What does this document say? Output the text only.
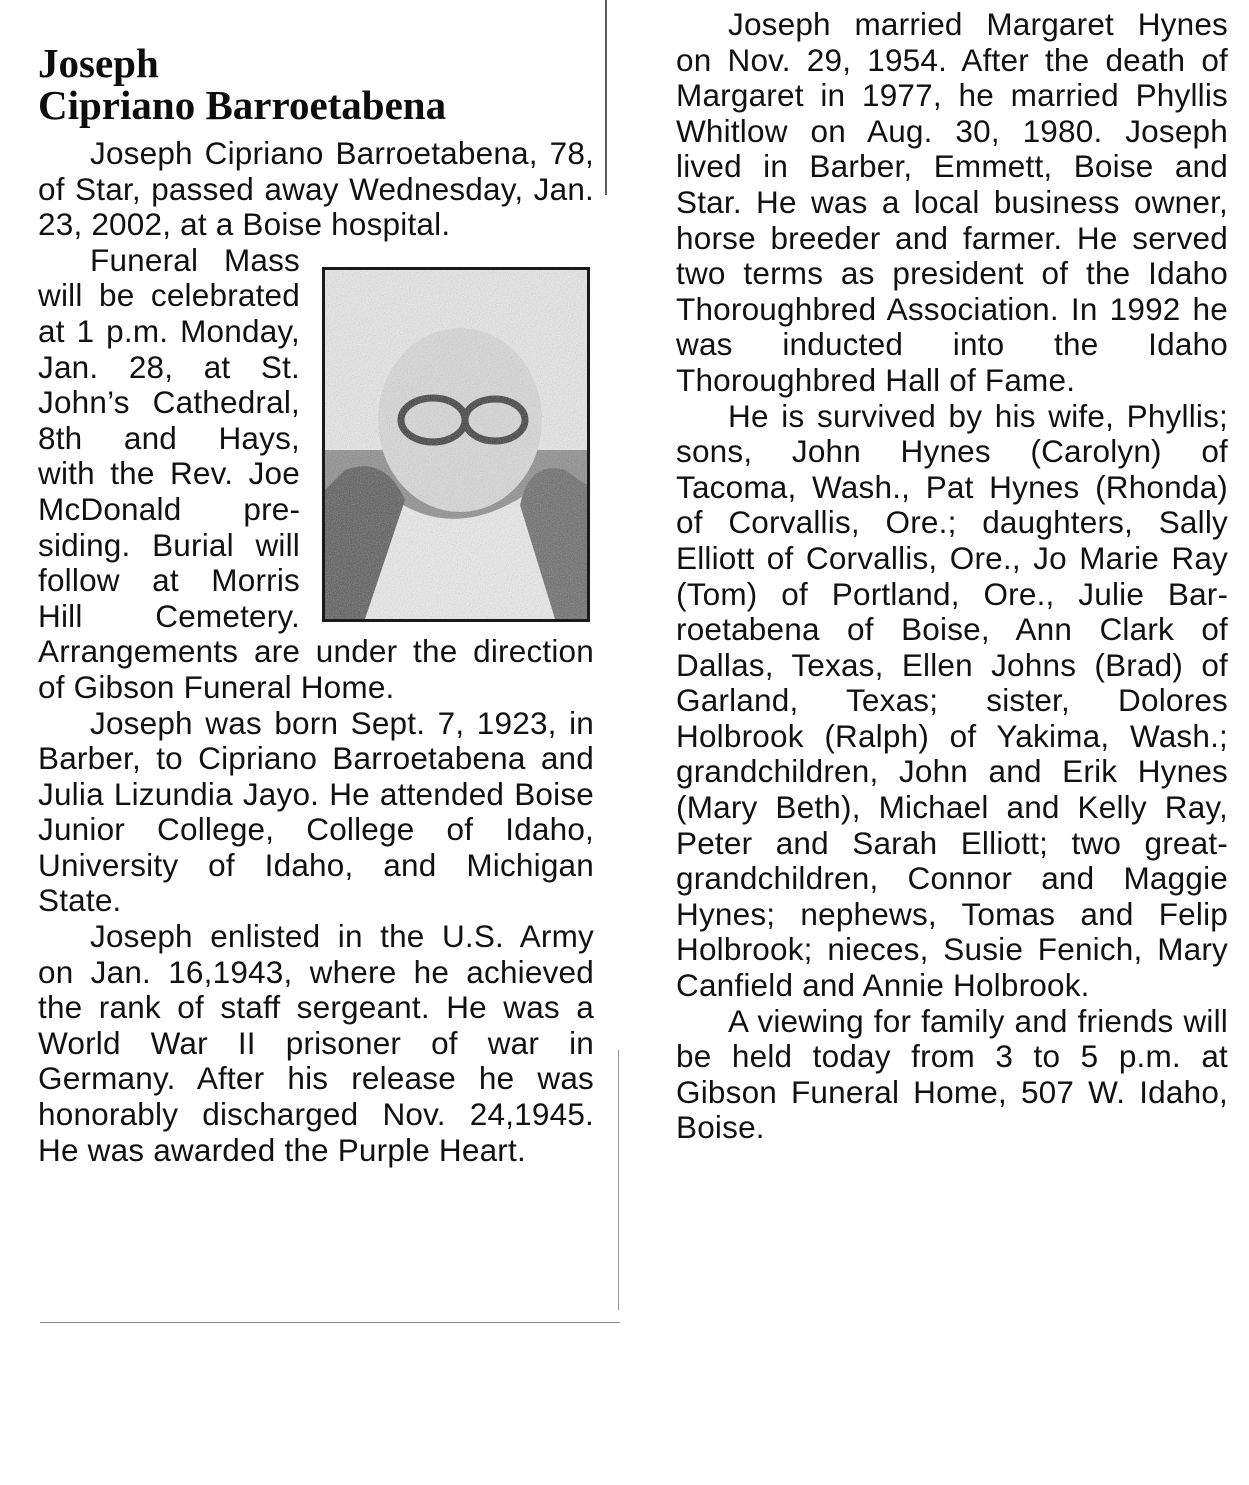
Joseph
Cipriano Barroetabena

Joseph Cipriano Barroetabena, 78, of Star, passed away Wednesday, Jan. 23, 2002, at a Boise hospital.

Funeral Mass will be celebrated at 1 p.m. Monday, Jan. 28, at St. John’s Cathedral, 8th and Hays, with the Rev. Joe McDonald presiding. Burial will follow at Morris Hill Cemetery. Arrangements are under the direction of Gibson Funeral Home.

Joseph was born Sept. 7, 1923, in Barber, to Cipriano Barroetabena and Julia Lizundia Jayo. He attended Boise Junior College, College of Idaho, University of Idaho, and Michigan State.

Joseph enlisted in the U.S. Army on Jan. 16,1943, where he achieved the rank of staff sergeant. He was a World War II prisoner of war in Germany. After his release he was honorably discharged Nov. 24,1945. He was awarded the Purple Heart.

Joseph married Margaret Hynes on Nov. 29, 1954. After the death of Margaret in 1977, he married Phyllis Whitlow on Aug. 30, 1980. Joseph lived in Barber, Emmett, Boise and Star. He was a local business owner, horse breeder and farmer. He served two terms as president of the Idaho Thoroughbred Association. In 1992 he was inducted into the Idaho Thoroughbred Hall of Fame.

He is survived by his wife, Phyllis; sons, John Hynes (Carolyn) of Tacoma, Wash., Pat Hynes (Rhonda) of Corvallis, Ore.; daughters, Sally Elliott of Corvallis, Ore., Jo Marie Ray (Tom) of Portland, Ore., Julie Barroetabena of Boise, Ann Clark of Dallas, Texas, Ellen Johns (Brad) of Garland, Texas; sister, Dolores Holbrook (Ralph) of Yakima, Wash.; grandchildren, John and Erik Hynes (Mary Beth), Michael and Kelly Ray, Peter and Sarah Elliott; two great-grandchildren, Connor and Maggie Hynes; nephews, Tomas and Felip Holbrook; nieces, Susie Fenich, Mary Canfield and Annie Holbrook.

A viewing for family and friends will be held today from 3 to 5 p.m. at Gibson Funeral Home, 507 W. Idaho, Boise.
